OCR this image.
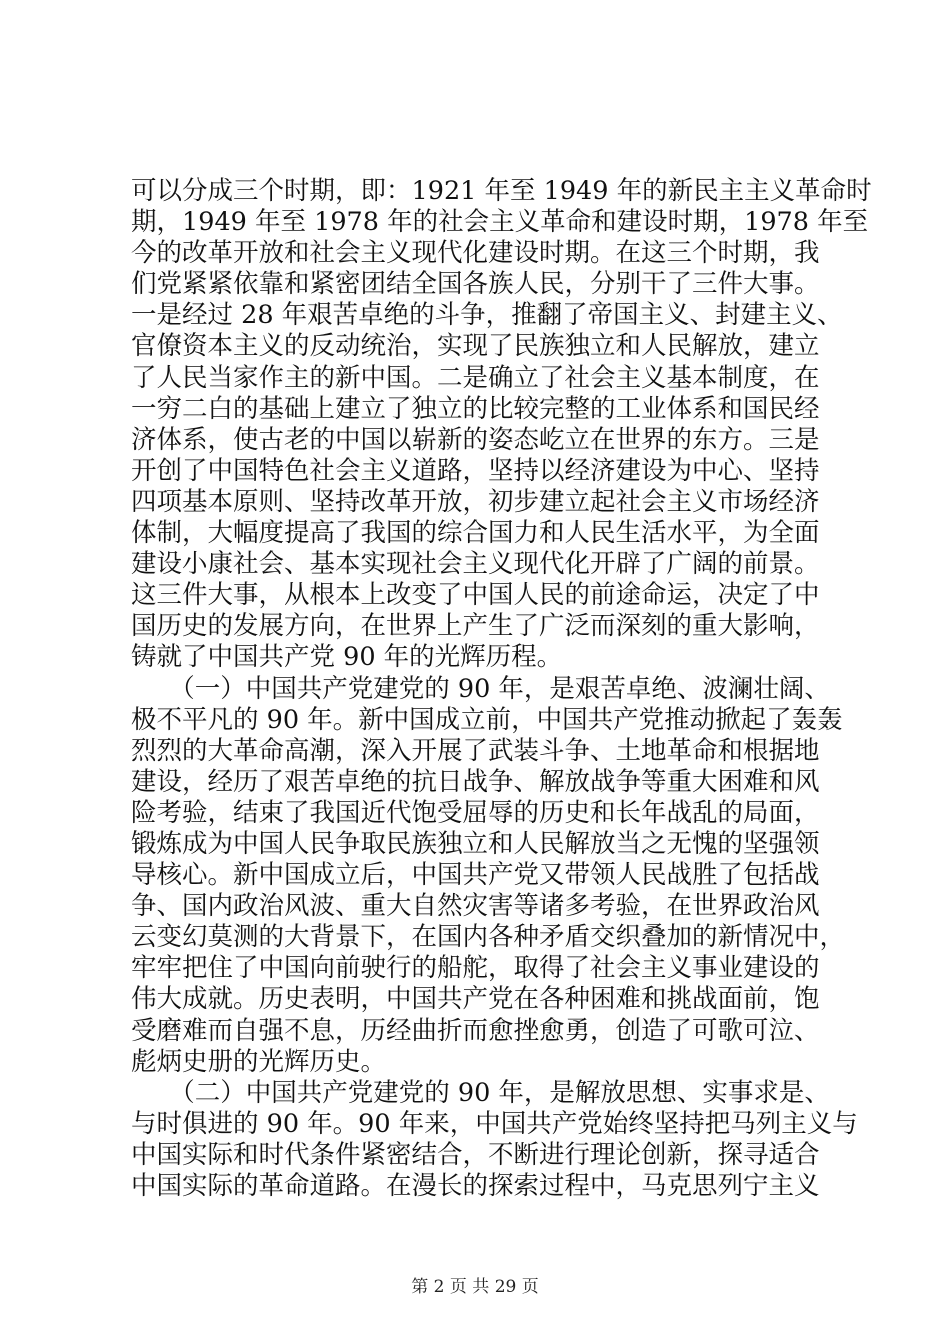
可以分成三个时期，即：1921 年至 1949 年的新民主主义革命时
期，1949 年至 1978 年的社会主义革命和建设时期，1978 年至
今的改革开放和社会主义现代化建设时期。在这三个时期，我
们党紧紧依靠和紧密团结全国各族人民，分别干了三件大事。
一是经过 28 年艰苦卓绝的斗争，推翻了帝国主义、封建主义、
官僚资本主义的反动统治，实现了民族独立和人民解放，建立
了人民当家作主的新中国。二是确立了社会主义基本制度，在
一穷二白的基础上建立了独立的比较完整的工业体系和国民经
济体系，使古老的中国以崭新的姿态屹立在世界的东方。三是
开创了中国特色社会主义道路，坚持以经济建设为中心、坚持
四项基本原则、坚持改革开放，初步建立起社会主义市场经济
体制，大幅度提高了我国的综合国力和人民生活水平，为全面
建设小康社会、基本实现社会主义现代化开辟了广阔的前景。
这三件大事，从根本上改变了中国人民的前途命运，决定了中
国历史的发展方向，在世界上产生了广泛而深刻的重大影响，
铸就了中国共产党 90 年的光辉历程。
　　（一）中国共产党建党的 90 年，是艰苦卓绝、波澜壮阔、
极不平凡的 90 年。新中国成立前，中国共产党推动掀起了轰轰
烈烈的大革命高潮，深入开展了武装斗争、土地革命和根据地
建设，经历了艰苦卓绝的抗日战争、解放战争等重大困难和风
险考验，结束了我国近代饱受屈辱的历史和长年战乱的局面，
锻炼成为中国人民争取民族独立和人民解放当之无愧的坚强领
导核心。新中国成立后，中国共产党又带领人民战胜了包括战
争、国内政治风波、重大自然灾害等诸多考验，在世界政治风
云变幻莫测的大背景下，在国内各种矛盾交织叠加的新情况中，
牢牢把住了中国向前驶行的船舵，取得了社会主义事业建设的
伟大成就。历史表明，中国共产党在各种困难和挑战面前，饱
受磨难而自强不息，历经曲折而愈挫愈勇，创造了可歌可泣、
彪炳史册的光辉历史。
　　（二）中国共产党建党的 90 年，是解放思想、实事求是、
与时俱进的 90 年。90 年来，中国共产党始终坚持把马列主义与
中国实际和时代条件紧密结合，不断进行理论创新，探寻适合
中国实际的革命道路。在漫长的探索过程中，马克思列宁主义
第 2 页 共 29 页
